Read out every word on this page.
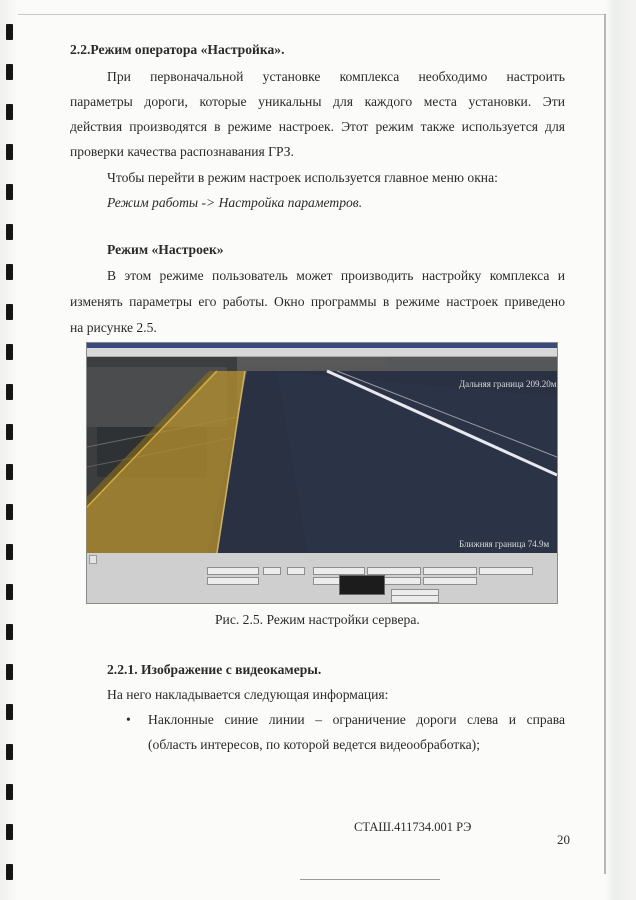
2.2.Режим оператора «Настройка».
При первоначальной установке комплекса необходимо настроить
параметры дороги, которые уникальны для каждого места установки. Эти
действия производятся в режиме настроек. Этот режим также используется для
проверки качества распознавания ГРЗ.
Чтобы перейти в режим настроек используется главное меню окна:
Режим работы -> Настройка параметров.
Режим «Настроек»
В этом режиме пользователь может производить настройку комплекса и
изменять параметры его работы. Окно программы в режиме настроек приведено
на рисунке 2.5.
Дальняя граница 209.20м
Ближняя граница 74.9м
Рис. 2.5. Режим настройки сервера.
2.2.1. Изображение с видеокамеры.
На него накладывается следующая информация:
• Наклонные синие линии – ограничение дороги слева и справа
(область интересов, по которой ведется видеообработка);
СТАШ.411734.001 РЭ
20
